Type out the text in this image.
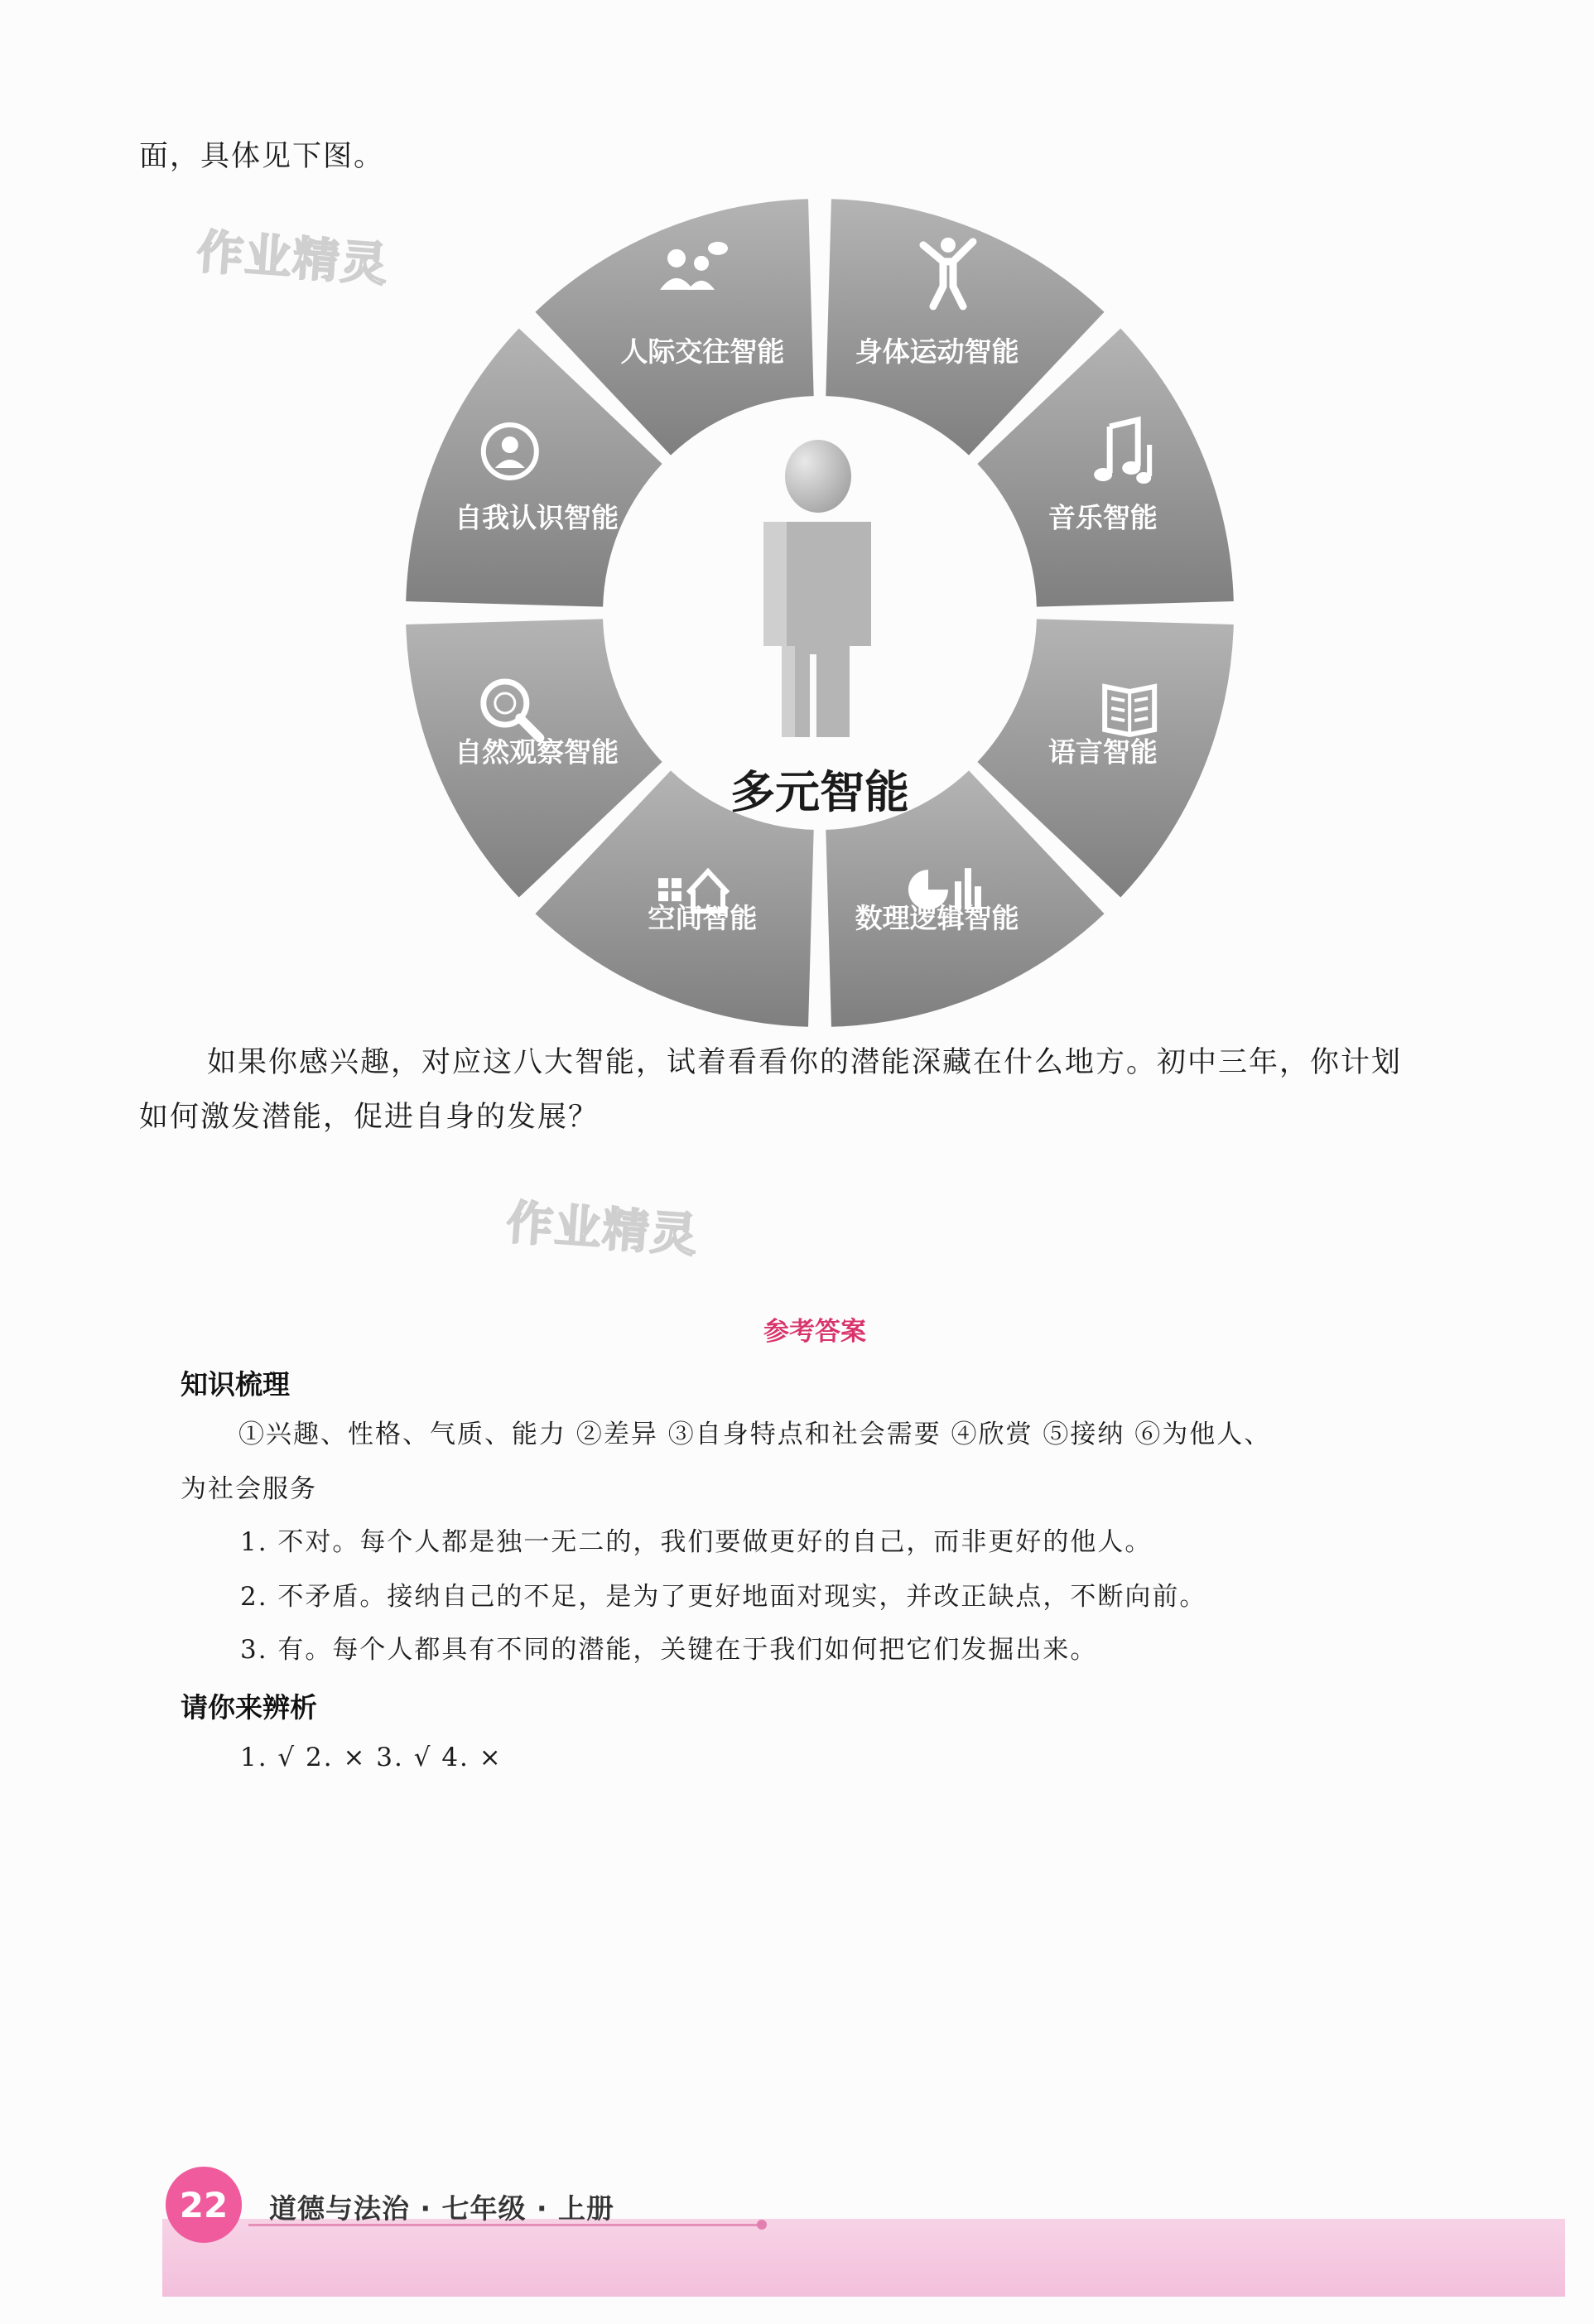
面，具体见下图。
作业精灵
作业精灵
身体运动智能
音乐智能
语言智能
数理逻辑智能
空间智能
自然观察智能
自我认识智能
人际交往智能
多元智能
如果你感兴趣，对应这八大智能，试着看看你的潜能深藏在什么地方。初中三年，你计划
如何激发潜能，促进自身的发展？
参考答案
知识梳理
①兴趣、性格、气质、能力 ②差异 ③自身特点和社会需要 ④欣赏 ⑤接纳 ⑥为他人、
为社会服务
1. 不对。每个人都是独一无二的，我们要做更好的自己，而非更好的他人。
2. 不矛盾。接纳自己的不足，是为了更好地面对现实，并改正缺点，不断向前。
3. 有。每个人都具有不同的潜能，关键在于我们如何把它们发掘出来。
请你来辨析
1. √ 2. × 3. √ 4. ×
22	道德与法治 · 七年级 · 上册
